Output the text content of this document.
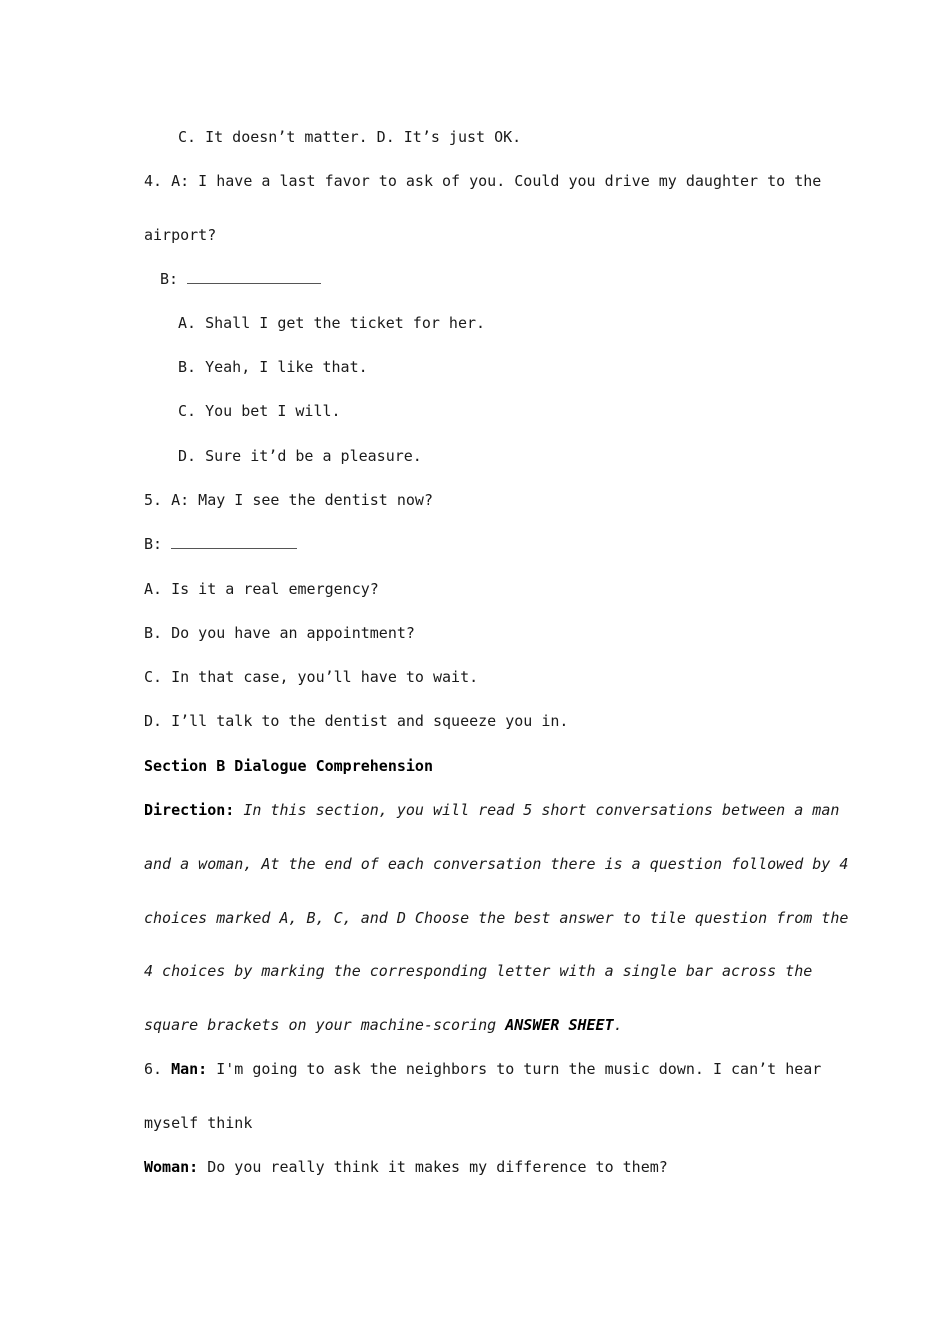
C. It doesn’t matter. D. It’s just OK.
4. A: I have a last favor to ask of you. Could you drive my daughter to the
airport?
B:
A. Shall I get the ticket for her.
B. Yeah, I like that.
C. You bet I will.
D. Sure it’d be a pleasure.
5. A: May I see the dentist now?
B:
A. Is it a real emergency?
B. Do you have an appointment?
C. In that case, you’ll have to wait.
D. I’ll talk to the dentist and squeeze you in.
Section B Dialogue Comprehension
Direction: In this section, you will read 5 short conversations between a man
and a woman, At the end of each conversation there is a question followed by 4
choices marked A, B, C, and D Choose the best answer to tile question from the
4 choices by marking the corresponding letter with a single bar across the
square brackets on your machine-scoring ANSWER SHEET.
6. Man: I'm going to ask the neighbors to turn the music down. I can’t hear
myself think
Woman: Do you really think it makes my difference to them?
